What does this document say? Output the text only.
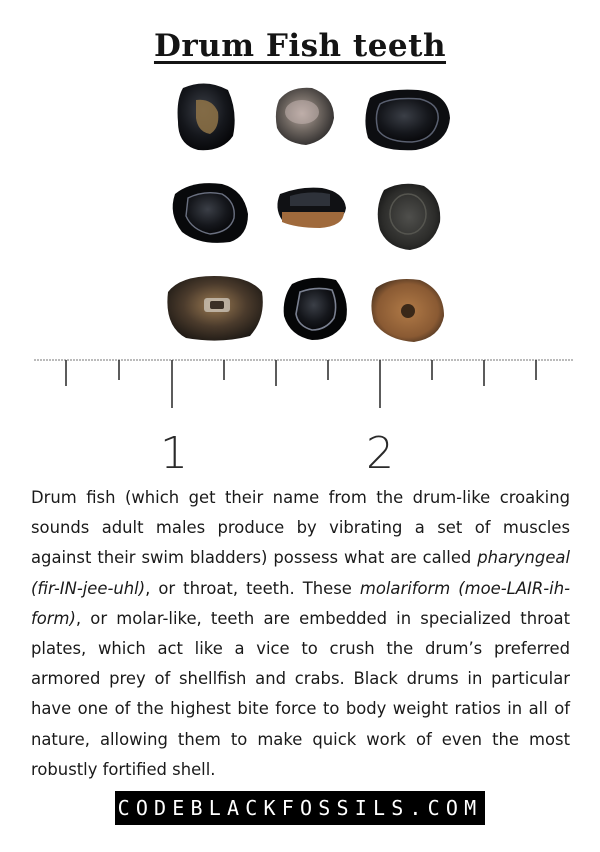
Drum Fish teeth
1	2
Drum fish (which get their name from the drum-like croaking sounds adult males produce by vibrating a set of muscles against their swim bladders) possess what are called pharyngeal (fir-IN-jee-uhl), or throat, teeth. These molariform (moe-LAIR-ih-form), or molar-like, teeth are embedded in specialized throat plates, which act like a vice to crush the drum’s preferred armored prey of shellfish and crabs. Black drums in particular have one of the highest bite force to body weight ratios in all of nature, allowing them to make quick work of even the most robustly fortified shell.
CODEBLACKFOSSILS.COM
